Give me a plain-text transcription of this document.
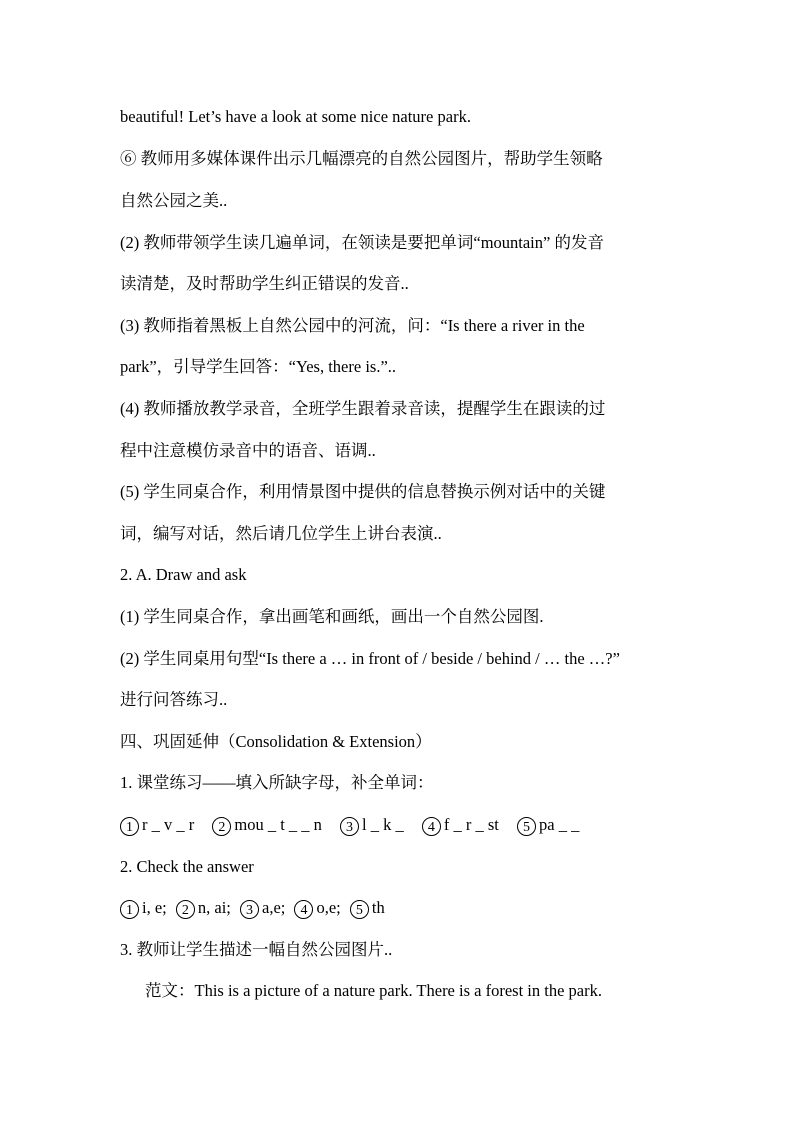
beautiful! Let’s have a look at some nice nature park.
⑥ 教师用多媒体课件出示几幅漂亮的自然公园图片，帮助学生领略
自然公园之美..
(2) 教师带领学生读几遍单词，在领读是要把单词“mountain” 的发音
读清楚，及时帮助学生纠正错误的发音..
(3) 教师指着黑板上自然公园中的河流，问：“Is there a river in the
park”，引导学生回答：“Yes, there is.”..
(4) 教师播放教学录音，全班学生跟着录音读，提醒学生在跟读的过
程中注意模仿录音中的语音、语调..
(5) 学生同桌合作，利用情景图中提供的信息替换示例对话中的关键
词，编写对话，然后请几位学生上讲台表演..
2. A. Draw and ask
(1) 学生同桌合作，拿出画笔和画纸，画出一个自然公园图.
(2) 学生同桌用句型“Is there a … in front of / beside / behind / … the …?”
进行问答练习..
四、巩固延伸（Consolidation & Extension）
1. 课堂练习——填入所缺字母，补全单词：
1 r _ v _ r 2 mou _ t _ _ n 3 l _ k _ 4 f _ r _ st 5 pa _ _
2. Check the answer
1 i, e; 2 n, ai; 3 a,e; 4 o,e; 5 th
3. 教师让学生描述一幅自然公园图片..
范文：This is a picture of a nature park. There is a forest in the park.
